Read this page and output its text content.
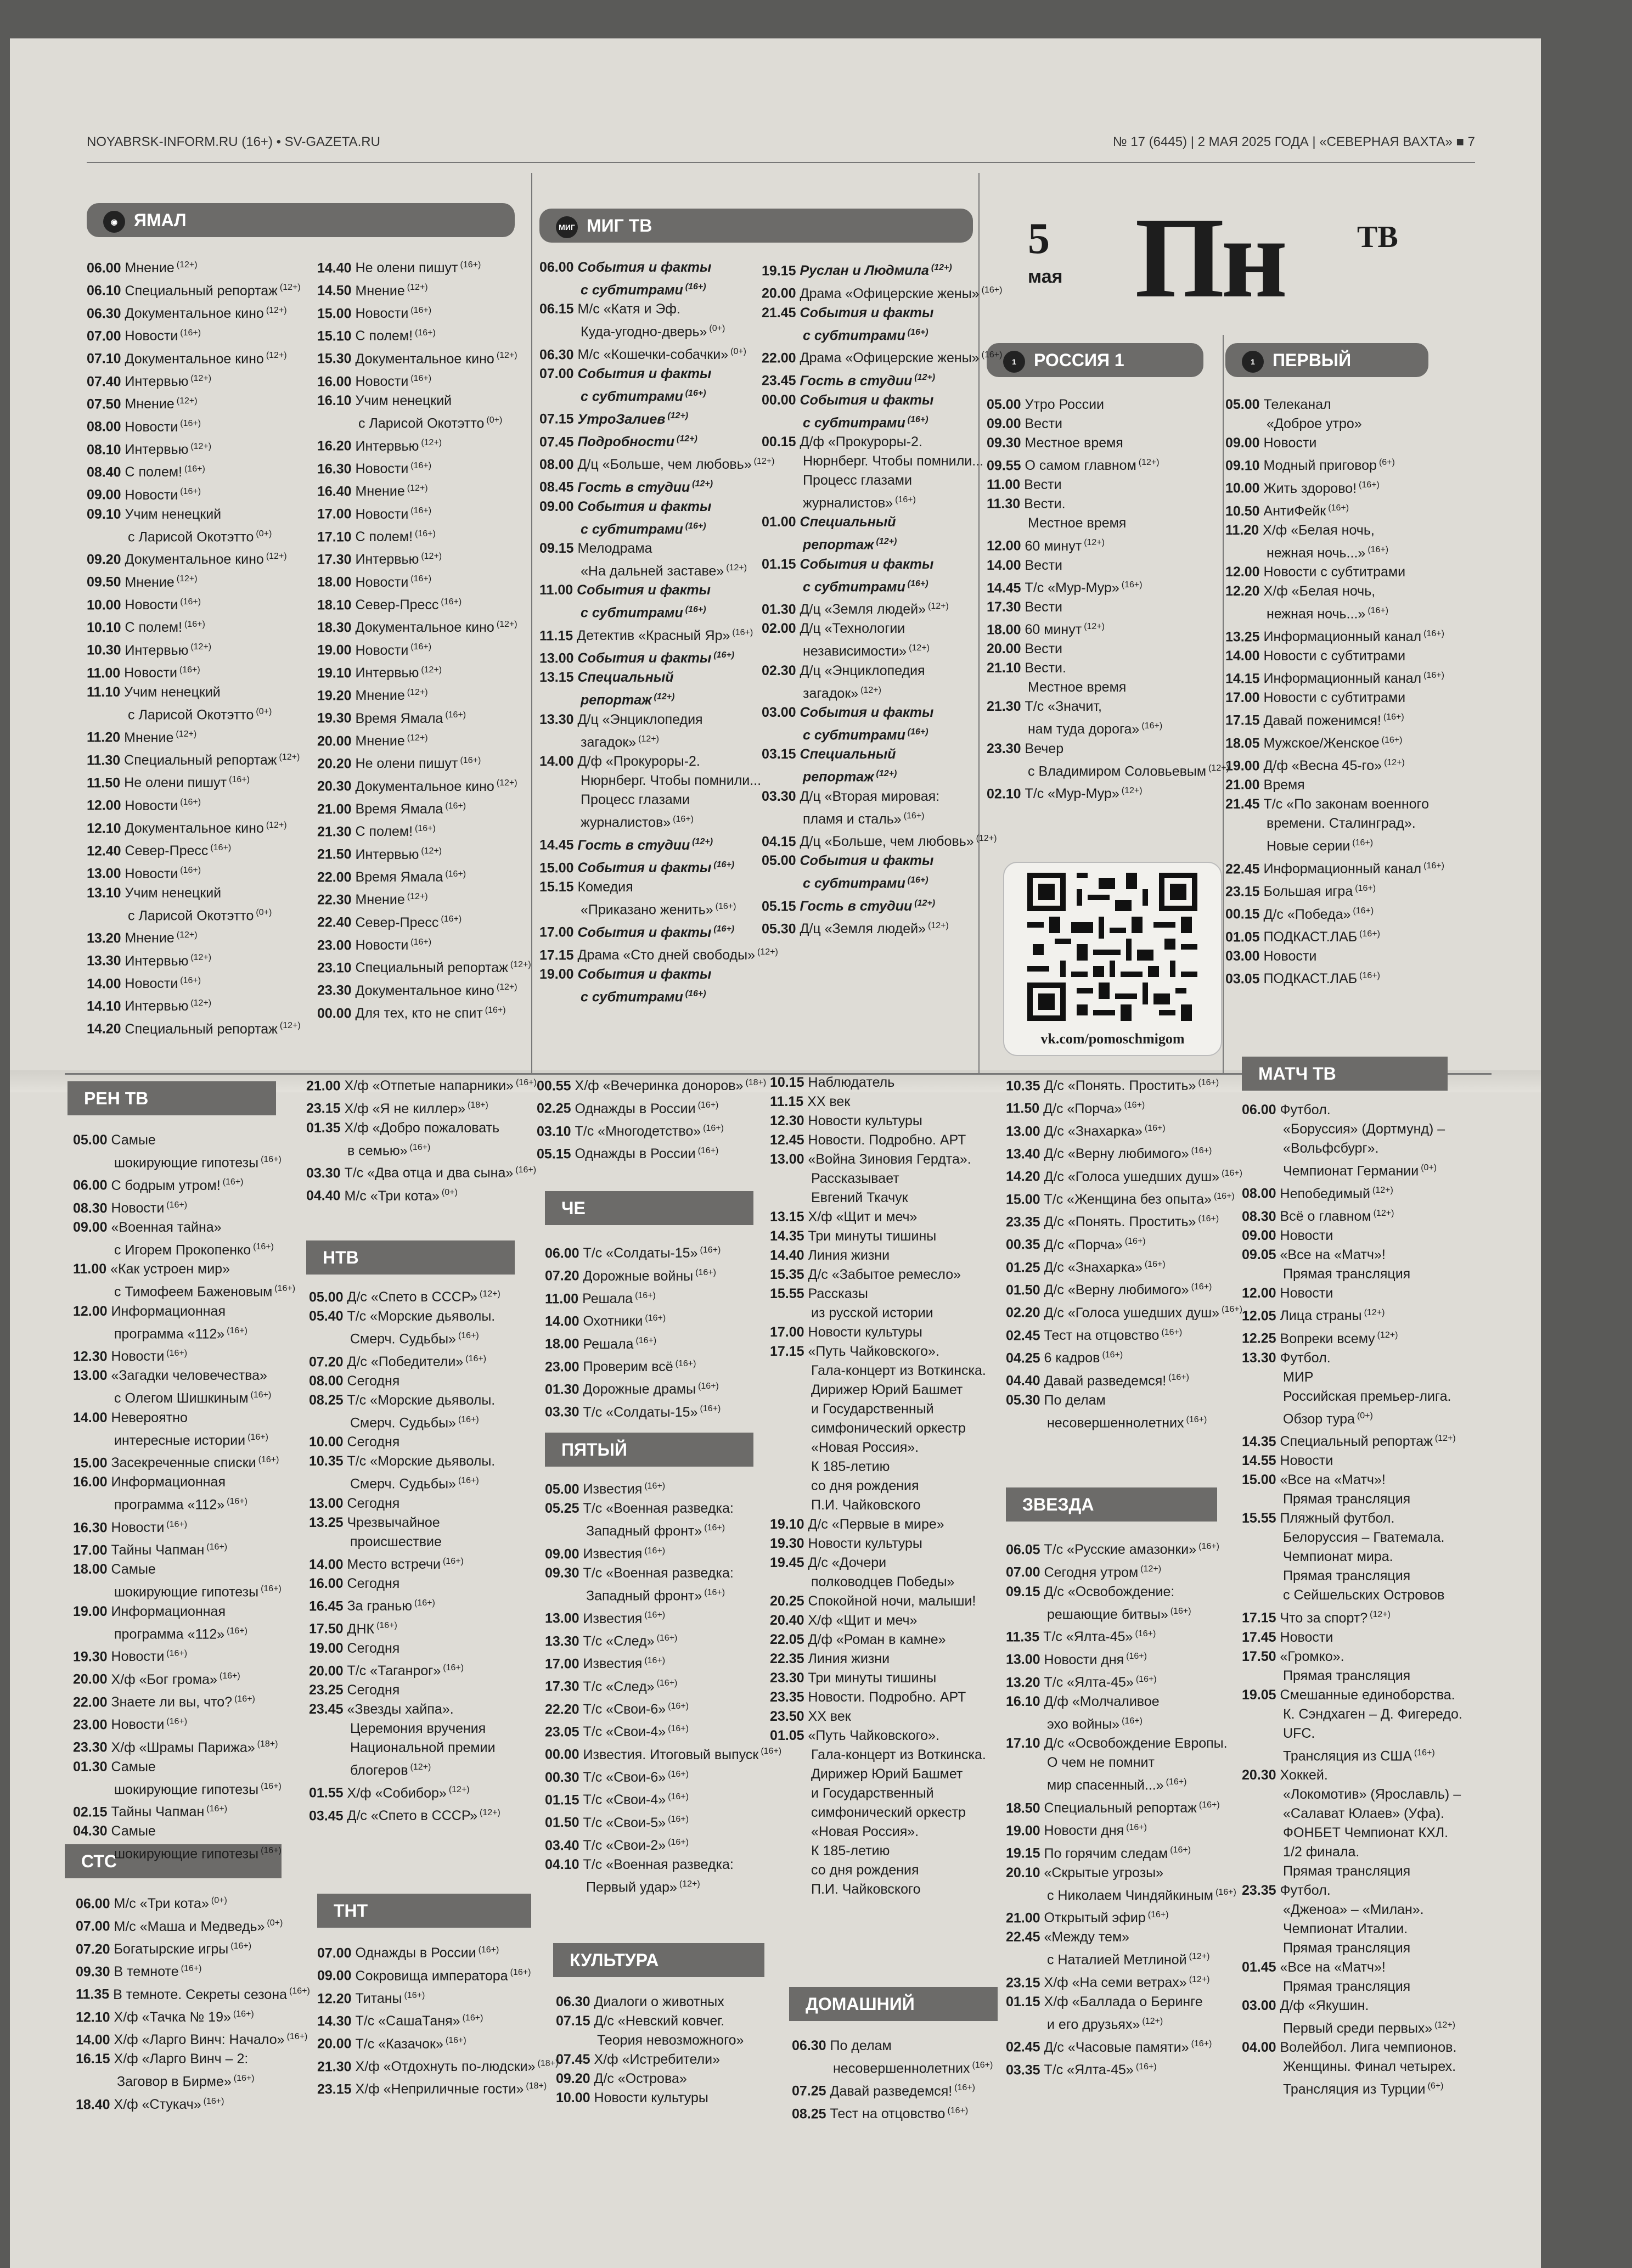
NOYABRSK-INFORM.RU (16+) • SV-GAZETA.RU	№ 17 (6445) | 2 МАЯ 2025 ГОДА | «СЕВЕРНАЯ ВАХТА» ■ 7
5
мая Пн ТВ
◉ ЯМАЛ	МИГ МИГ ТВ
1 РОССИЯ 1	1 ПЕРВЫЙ
РЕН ТВ
СТС
НТВ
ТНТ
ЧЕ
ПЯТЫЙ
КУЛЬТУРА
ДОМАШНИЙ
ЗВЕЗДА
МАТЧ ТВ
06.00 Мнение $^{(12+)}$
06.10 Специальный репортаж $^{(12+)}$
06.30 Документальное кино $^{(12+)}$
07.00 Новости $^{(16+)}$
07.10 Документальное кино $^{(12+)}$
07.40 Интервью $^{(12+)}$
07.50 Мнение $^{(12+)}$
08.00 Новости $^{(16+)}$
08.10 Интервью $^{(12+)}$
08.40 С полем! $^{(16+)}$
09.00 Новости $^{(16+)}$
09.10 Учим ненецкий
с Ларисой Окотэтто $^{(0+)}$
09.20 Документальное кино $^{(12+)}$
09.50 Мнение $^{(12+)}$
10.00 Новости $^{(16+)}$
10.10 С полем! $^{(16+)}$
10.30 Интервью $^{(12+)}$
11.00 Новости $^{(16+)}$
11.10 Учим ненецкий
с Ларисой Окотэтто $^{(0+)}$
11.20 Мнение $^{(12+)}$
11.30 Специальный репортаж $^{(12+)}$
11.50 Не олени пишут $^{(16+)}$
12.00 Новости $^{(16+)}$
12.10 Документальное кино $^{(12+)}$
12.40 Север-Пресс $^{(16+)}$
13.00 Новости $^{(16+)}$
13.10 Учим ненецкий
с Ларисой Окотэтто $^{(0+)}$
13.20 Мнение $^{(12+)}$
13.30 Интервью $^{(12+)}$
14.00 Новости $^{(16+)}$
14.10 Интервью $^{(12+)}$
14.20 Специальный репортаж $^{(12+)}$
14.40 Не олени пишут $^{(16+)}$
14.50 Мнение $^{(12+)}$
15.00 Новости $^{(16+)}$
15.10 С полем! $^{(16+)}$
15.30 Документальное кино $^{(12+)}$
16.00 Новости $^{(16+)}$
16.10 Учим ненецкий
с Ларисой Окотэтто $^{(0+)}$
16.20 Интервью $^{(12+)}$
16.30 Новости $^{(16+)}$
16.40 Мнение $^{(12+)}$
17.00 Новости $^{(16+)}$
17.10 С полем! $^{(16+)}$
17.30 Интервью $^{(12+)}$
18.00 Новости $^{(16+)}$
18.10 Север-Пресс $^{(16+)}$
18.30 Документальное кино $^{(12+)}$
19.00 Новости $^{(16+)}$
19.10 Интервью $^{(12+)}$
19.20 Мнение $^{(12+)}$
19.30 Время Ямала $^{(16+)}$
20.00 Мнение $^{(12+)}$
20.20 Не олени пишут $^{(16+)}$
20.30 Документальное кино $^{(12+)}$
21.00 Время Ямала $^{(16+)}$
21.30 С полем! $^{(16+)}$
21.50 Интервью $^{(12+)}$
22.00 Время Ямала $^{(16+)}$
22.30 Мнение $^{(12+)}$
22.40 Север-Пресс $^{(16+)}$
23.00 Новости $^{(16+)}$
23.10 Специальный репортаж $^{(12+)}$
23.30 Документальное кино $^{(12+)}$
00.00 Для тех, кто не спит $^{(16+)}$
06.00 События и факты
с субтитрами $^{(16+)}$
06.15 М/с «Катя и Эф.
Куда-угодно-дверь» $^{(0+)}$
06.30 М/с «Кошечки-собачки» $^{(0+)}$
07.00 События и факты
с субтитрами $^{(16+)}$
07.15 УтроЗалиев $^{(12+)}$
07.45 Подробности $^{(12+)}$
08.00 Д/ц «Больше, чем любовь» $^{(12+)}$
08.45 Гость в студии $^{(12+)}$
09.00 События и факты
с субтитрами $^{(16+)}$
09.15 Мелодрама
«На дальней заставе» $^{(12+)}$
11.00 События и факты
с субтитрами $^{(16+)}$
11.15 Детектив «Красный Яр» $^{(16+)}$
13.00 События и факты $^{(16+)}$
13.15 Специальный
репортаж $^{(12+)}$
13.30 Д/ц «Энциклопедия
загадок» $^{(12+)}$
14.00 Д/ф «Прокуроры-2.
Нюрнберг. Чтобы помнили...
Процесс глазами
журналистов» $^{(16+)}$
14.45 Гость в студии $^{(12+)}$
15.00 События и факты $^{(16+)}$
15.15 Комедия
«Приказано женить» $^{(16+)}$
17.00 События и факты $^{(16+)}$
17.15 Драма «Сто дней свободы» $^{(12+)}$
19.00 События и факты
с субтитрами $^{(16+)}$
19.15 Руслан и Людмила $^{(12+)}$
20.00 Драма «Офицерские жены» $^{(16+)}$
21.45 События и факты
с субтитрами $^{(16+)}$
22.00 Драма «Офицерские жены» $^{(16+)}$
23.45 Гость в студии $^{(12+)}$
00.00 События и факты
с субтитрами $^{(16+)}$
00.15 Д/ф «Прокуроры-2.
Нюрнберг. Чтобы помнили...
Процесс глазами
журналистов» $^{(16+)}$
01.00 Специальный
репортаж $^{(12+)}$
01.15 События и факты
с субтитрами $^{(16+)}$
01.30 Д/ц «Земля людей» $^{(12+)}$
02.00 Д/ц «Технологии
независимости» $^{(12+)}$
02.30 Д/ц «Энциклопедия
загадок» $^{(12+)}$
03.00 События и факты
с субтитрами $^{(16+)}$
03.15 Специальный
репортаж $^{(12+)}$
03.30 Д/ц «Вторая мировая:
пламя и сталь» $^{(16+)}$
04.15 Д/ц «Больше, чем любовь» $^{(12+)}$
05.00 События и факты
с субтитрами $^{(16+)}$
05.15 Гость в студии $^{(12+)}$
05.30 Д/ц «Земля людей» $^{(12+)}$
05.00 Утро России
09.00 Вести
09.30 Местное время
09.55 О самом главном $^{(12+)}$
11.00 Вести
11.30 Вести.
Местное время
12.00 60 минут $^{(12+)}$
14.00 Вести
14.45 Т/с «Мур-Мур» $^{(16+)}$
17.30 Вести
18.00 60 минут $^{(12+)}$
20.00 Вести
21.10 Вести.
Местное время
21.30 Т/с «Значит,
нам туда дорога» $^{(16+)}$
23.30 Вечер
с Владимиром Соловьевым $^{(12+)}$
02.10 Т/с «Мур-Мур» $^{(12+)}$
05.00 Телеканал
«Доброе утро»
09.00 Новости
09.10 Модный приговор $^{(6+)}$
10.00 Жить здорово! $^{(16+)}$
10.50 АнтиФейк $^{(16+)}$
11.20 Х/ф «Белая ночь,
нежная ночь...» $^{(16+)}$
12.00 Новости с субтитрами
12.20 Х/ф «Белая ночь,
нежная ночь...» $^{(16+)}$
13.25 Информационный канал $^{(16+)}$
14.00 Новости с субтитрами
14.15 Информационный канал $^{(16+)}$
17.00 Новости с субтитрами
17.15 Давай поженимся! $^{(16+)}$
18.05 Мужское/Женское $^{(16+)}$
19.00 Д/ф «Весна 45-го» $^{(12+)}$
21.00 Время
21.45 Т/с «По законам военного
времени. Сталинград».
Новые серии $^{(16+)}$
22.45 Информационный канал $^{(16+)}$
23.15 Большая игра $^{(16+)}$
00.15 Д/с «Победа» $^{(16+)}$
01.05 ПОДКАСТ.ЛАБ $^{(16+)}$
03.00 Новости
03.05 ПОДКАСТ.ЛАБ $^{(16+)}$
05.00 Самые
шокирующие гипотезы $^{(16+)}$
06.00 С бодрым утром! $^{(16+)}$
08.30 Новости $^{(16+)}$
09.00 «Военная тайна»
с Игорем Прокопенко $^{(16+)}$
11.00 «Как устроен мир»
с Тимофеем Баженовым $^{(16+)}$
12.00 Информационная
программа «112» $^{(16+)}$
12.30 Новости $^{(16+)}$
13.00 «Загадки человечества»
с Олегом Шишкиным $^{(16+)}$
14.00 Невероятно
интересные истории $^{(16+)}$
15.00 Засекреченные списки $^{(16+)}$
16.00 Информационная
программа «112» $^{(16+)}$
16.30 Новости $^{(16+)}$
17.00 Тайны Чапман $^{(16+)}$
18.00 Самые
шокирующие гипотезы $^{(16+)}$
19.00 Информационная
программа «112» $^{(16+)}$
19.30 Новости $^{(16+)}$
20.00 Х/ф «Бог грома» $^{(16+)}$
22.00 Знаете ли вы, что? $^{(16+)}$
23.00 Новости $^{(16+)}$
23.30 Х/ф «Шрамы Парижа» $^{(18+)}$
01.30 Самые
шокирующие гипотезы $^{(16+)}$
02.15 Тайны Чапман $^{(16+)}$
04.30 Самые
шокирующие гипотезы $^{(16+)}$
06.00 М/с «Три кота» $^{(0+)}$
07.00 М/с «Маша и Медведь» $^{(0+)}$
07.20 Богатырские игры $^{(16+)}$
09.30 В темноте $^{(16+)}$
11.35 В темноте. Секреты сезона $^{(16+)}$
12.10 Х/ф «Тачка № 19» $^{(16+)}$
14.00 Х/ф «Ларго Винч: Начало» $^{(16+)}$
16.15 Х/ф «Ларго Винч – 2:
Заговор в Бирме» $^{(16+)}$
18.40 Х/ф «Стукач» $^{(16+)}$
21.00 Х/ф «Отпетые напарники» $^{(16+)}$
23.15 Х/ф «Я не киллер» $^{(18+)}$
01.35 Х/ф «Добро пожаловать
в семью» $^{(16+)}$
03.30 Т/с «Два отца и два сына» $^{(16+)}$
04.40 М/с «Три кота» $^{(0+)}$
05.00 Д/с «Спето в СССР» $^{(12+)}$
05.40 Т/с «Морские дьяволы.
Смерч. Судьбы» $^{(16+)}$
07.20 Д/с «Победители» $^{(16+)}$
08.00 Сегодня
08.25 Т/с «Морские дьяволы.
Смерч. Судьбы» $^{(16+)}$
10.00 Сегодня
10.35 Т/с «Морские дьяволы.
Смерч. Судьбы» $^{(16+)}$
13.00 Сегодня
13.25 Чрезвычайное
происшествие
14.00 Место встречи $^{(16+)}$
16.00 Сегодня
16.45 За гранью $^{(16+)}$
17.50 ДНК $^{(16+)}$
19.00 Сегодня
20.00 Т/с «Таганрог» $^{(16+)}$
23.25 Сегодня
23.45 «Звезды хайпа».
Церемония вручения
Национальной премии
блогеров $^{(12+)}$
01.55 Х/ф «Собибор» $^{(12+)}$
03.45 Д/с «Спето в СССР» $^{(12+)}$
07.00 Однажды в России $^{(16+)}$
09.00 Сокровища императора $^{(16+)}$
12.20 Титаны $^{(16+)}$
14.30 Т/с «СашаТаня» $^{(16+)}$
20.00 Т/с «Казачок» $^{(16+)}$
21.30 Х/ф «Отдохнуть по-людски» $^{(18+)}$
23.15 Х/ф «Неприличные гости» $^{(18+)}$
00.55 Х/ф «Вечеринка доноров» $^{(18+)}$
02.25 Однажды в России $^{(16+)}$
03.10 Т/с «Многодетство» $^{(16+)}$
05.15 Однажды в России $^{(16+)}$
06.00 Т/с «Солдаты-15» $^{(16+)}$
07.20 Дорожные войны $^{(16+)}$
11.00 Решала $^{(16+)}$
14.00 Охотники $^{(16+)}$
18.00 Решала $^{(16+)}$
23.00 Проверим всё $^{(16+)}$
01.30 Дорожные драмы $^{(16+)}$
03.30 Т/с «Солдаты-15» $^{(16+)}$
05.00 Известия $^{(16+)}$
05.25 Т/с «Военная разведка:
Западный фронт» $^{(16+)}$
09.00 Известия $^{(16+)}$
09.30 Т/с «Военная разведка:
Западный фронт» $^{(16+)}$
13.00 Известия $^{(16+)}$
13.30 Т/с «След» $^{(16+)}$
17.00 Известия $^{(16+)}$
17.30 Т/с «След» $^{(16+)}$
22.20 Т/с «Свои-6» $^{(16+)}$
23.05 Т/с «Свои-4» $^{(16+)}$
00.00 Известия. Итоговый выпуск $^{(16+)}$
00.30 Т/с «Свои-6» $^{(16+)}$
01.15 Т/с «Свои-4» $^{(16+)}$
01.50 Т/с «Свои-5» $^{(16+)}$
03.40 Т/с «Свои-2» $^{(16+)}$
04.10 Т/с «Военная разведка:
Первый удар» $^{(12+)}$
06.30 Диалоги о животных
07.15 Д/с «Невский ковчег.
Теория невозможного»
07.45 Х/ф «Истребители»
09.20 Д/с «Острова»
10.00 Новости культуры
10.15 Наблюдатель
11.15 XX век
12.30 Новости культуры
12.45 Новости. Подробно. АРТ
13.00 «Война Зиновия Гердта».
Рассказывает
Евгений Ткачук
13.15 Х/ф «Щит и меч»
14.35 Три минуты тишины
14.40 Линия жизни
15.35 Д/с «Забытое ремесло»
15.55 Рассказы
из русской истории
17.00 Новости культуры
17.15 «Путь Чайковского».
Гала-концерт из Воткинска.
Дирижер Юрий Башмет
и Государственный
симфонический оркестр
«Новая Россия».
К 185-летию
со дня рождения
П.И. Чайковского
19.10 Д/с «Первые в мире»
19.30 Новости культуры
19.45 Д/с «Дочери
полководцев Победы»
20.25 Спокойной ночи, малыши!
20.40 Х/ф «Щит и меч»
22.05 Д/ф «Роман в камне»
22.35 Линия жизни
23.30 Три минуты тишины
23.35 Новости. Подробно. АРТ
23.50 XX век
01.05 «Путь Чайковского».
Гала-концерт из Воткинска.
Дирижер Юрий Башмет
и Государственный
симфонический оркестр
«Новая Россия».
К 185-летию
со дня рождения
П.И. Чайковского
06.30 По делам
несовершеннолетних $^{(16+)}$
07.25 Давай разведемся! $^{(16+)}$
08.25 Тест на отцовство $^{(16+)}$
10.35 Д/с «Понять. Простить» $^{(16+)}$
11.50 Д/с «Порча» $^{(16+)}$
13.00 Д/с «Знахарка» $^{(16+)}$
13.40 Д/с «Верну любимого» $^{(16+)}$
14.20 Д/с «Голоса ушедших душ» $^{(16+)}$
15.00 Т/с «Женщина без опыта» $^{(16+)}$
23.35 Д/с «Понять. Простить» $^{(16+)}$
00.35 Д/с «Порча» $^{(16+)}$
01.25 Д/с «Знахарка» $^{(16+)}$
01.50 Д/с «Верну любимого» $^{(16+)}$
02.20 Д/с «Голоса ушедших душ» $^{(16+)}$
02.45 Тест на отцовство $^{(16+)}$
04.25 6 кадров $^{(16+)}$
04.40 Давай разведемся! $^{(16+)}$
05.30 По делам
несовершеннолетних $^{(16+)}$
06.05 Т/с «Русские амазонки» $^{(16+)}$
07.00 Сегодня утром $^{(12+)}$
09.15 Д/с «Освобождение:
решающие битвы» $^{(16+)}$
11.35 Т/с «Ялта-45» $^{(16+)}$
13.00 Новости дня $^{(16+)}$
13.20 Т/с «Ялта-45» $^{(16+)}$
16.10 Д/ф «Молчаливое
эхо войны» $^{(16+)}$
17.10 Д/с «Освобождение Европы.
О чем не помнит
мир спасенный...» $^{(16+)}$
18.50 Специальный репортаж $^{(16+)}$
19.00 Новости дня $^{(16+)}$
19.15 По горячим следам $^{(16+)}$
20.10 «Скрытые угрозы»
с Николаем Чиндяйкиным $^{(16+)}$
21.00 Открытый эфир $^{(16+)}$
22.45 «Между тем»
с Наталией Метлиной $^{(12+)}$
23.15 Х/ф «На семи ветрах» $^{(12+)}$
01.15 Х/ф «Баллада о Беринге
и его друзьях» $^{(12+)}$
02.45 Д/с «Часовые памяти» $^{(16+)}$
03.35 Т/с «Ялта-45» $^{(16+)}$
06.00 Футбол.
«Боруссия» (Дортмунд) –
«Вольфсбург».
Чемпионат Германии $^{(0+)}$
08.00 Непобедимый $^{(12+)}$
08.30 Всё о главном $^{(12+)}$
09.00 Новости
09.05 «Все на «Матч»!
Прямая трансляция
12.00 Новости
12.05 Лица страны $^{(12+)}$
12.25 Вопреки всему $^{(12+)}$
13.30 Футбол.
МИР
Российская премьер-лига.
Обзор тура $^{(0+)}$
14.35 Специальный репортаж $^{(12+)}$
14.55 Новости
15.00 «Все на «Матч»!
Прямая трансляция
15.55 Пляжный футбол.
Белоруссия – Гватемала.
Чемпионат мира.
Прямая трансляция
с Сейшельских Островов
17.15 Что за спорт? $^{(12+)}$
17.45 Новости
17.50 «Громко».
Прямая трансляция
19.05 Смешанные единоборства.
К. Сэндхаген – Д. Фигередо.
UFC.
Трансляция из США $^{(16+)}$
20.30 Хоккей.
«Локомотив» (Ярославль) –
«Салават Юлаев» (Уфа).
ФОНБЕТ Чемпионат КХЛ.
1/2 финала.
Прямая трансляция
23.35 Футбол.
«Дженоа» – «Милан».
Чемпионат Италии.
Прямая трансляция
01.45 «Все на «Матч»!
Прямая трансляция
03.00 Д/ф «Якушин.
Первый среди первых» $^{(12+)}$
04.00 Волейбол. Лига чемпионов.
Женщины. Финал четырех.
Трансляция из Турции $^{(6+)}$
vk.com/pomoschmigom
